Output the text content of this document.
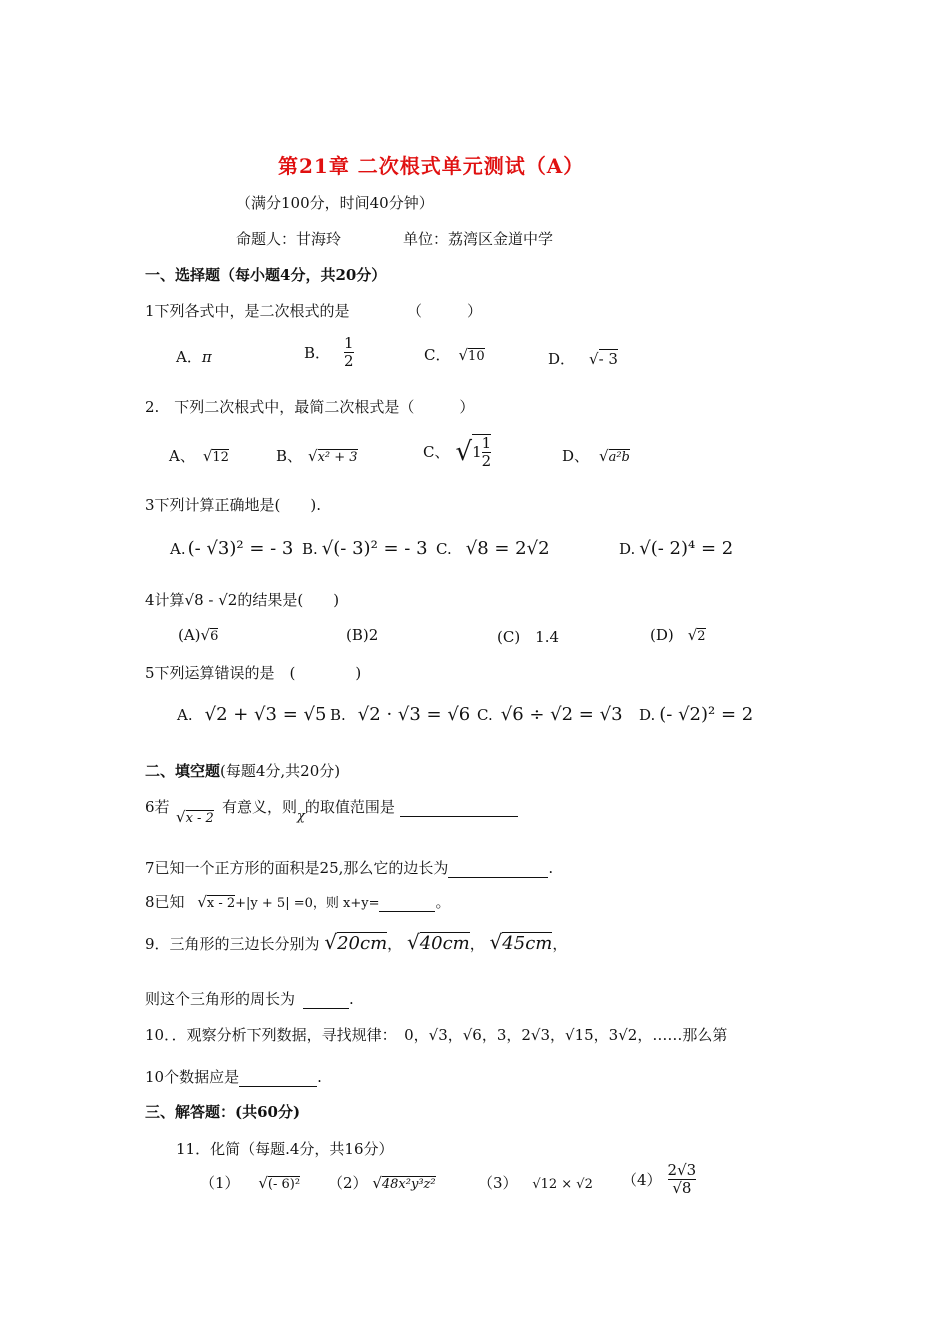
第21章 二次根式单元测试（A）
（满分100分，时间40分钟）
命题人：甘海玲	单位：荔湾区金道中学
一、选择题（每小题4分，共20分）
1下列各式中，是二次根式的是	（　　　）
A．π	B． $\frac{1}{2}$	C． √10	D． √- 3
2.　下列二次根式中，最简二次根式是（　　　）
A、 √12	B、 √x² + 3	C、 √ $1 \frac{1}{2}$	D、 √a²b
3下列计算正确地是(　　).
A. (- √3)² = - 3 B. √(- 3)² = - 3 C. √8 = 2√2	D. √(- 2)⁴ = 2
4计算√8 - √2的结果是(　　)
(A)√6	(B)2	(C)　1.4	(D) √2
5下列运算错误的是　(　　　　)
A. √2 + √3 = √5 B. √2 · √3 = √6 C. √6 ÷ √2 = √3 D. (- √2)² = 2
二、填空题(每题4分,共20分)
6若
√x - 2
有意义，则χ的取值范围是
7已知一个正方形的面积是25,那么它的边长为	.
8已知 √x - 2+|y + 5| =0，则 x+y=	。
9．三角形的三边长分别为 √20cm， √40cm， √45cm，
则这个三角形的周长为	.
10．．观察分析下列数据，寻找规律：　0，√3，√6，3，2√3，√15，3√2，……那么第
10个数据应是	.
三、解答题：(共60分)
11．化简（每题.4分，共16分）
（1） √(- 6)² （2） √48x²y³z²	（3） √12 × √2 $(4) \frac{2√3}{√8}$
